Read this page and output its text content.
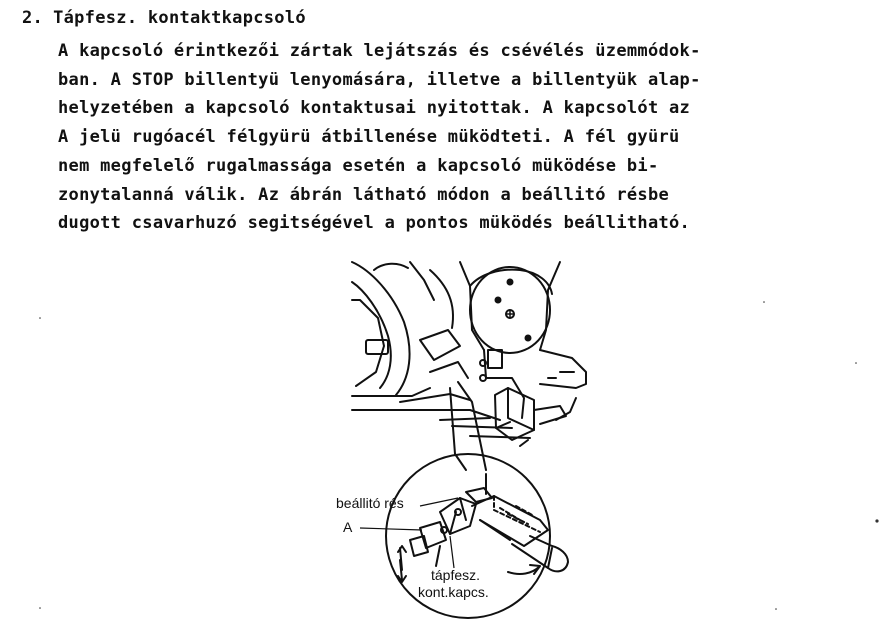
2. Tápfesz. kontaktkapcsoló
A kapcsoló érintkezői zártak lejátszás és csévélés üzemmódok-
ban. A STOP billentyü lenyomására, illetve a billentyük alap-
helyzetében a kapcsoló kontaktusai nyitottak. A kapcsolót az
A jelü rugóacél félgyürü átbillenése müködteti. A fél gyürü
nem megfelelő rugalmassága esetén a kapcsoló müködése bi-
zonytalanná válik. Az ábrán látható módon a beállitó résbe
dugott csavarhuzó segitségével a pontos müködés beállitható.
beállitó rés
A
tápfesz.
kont.kapcs.
